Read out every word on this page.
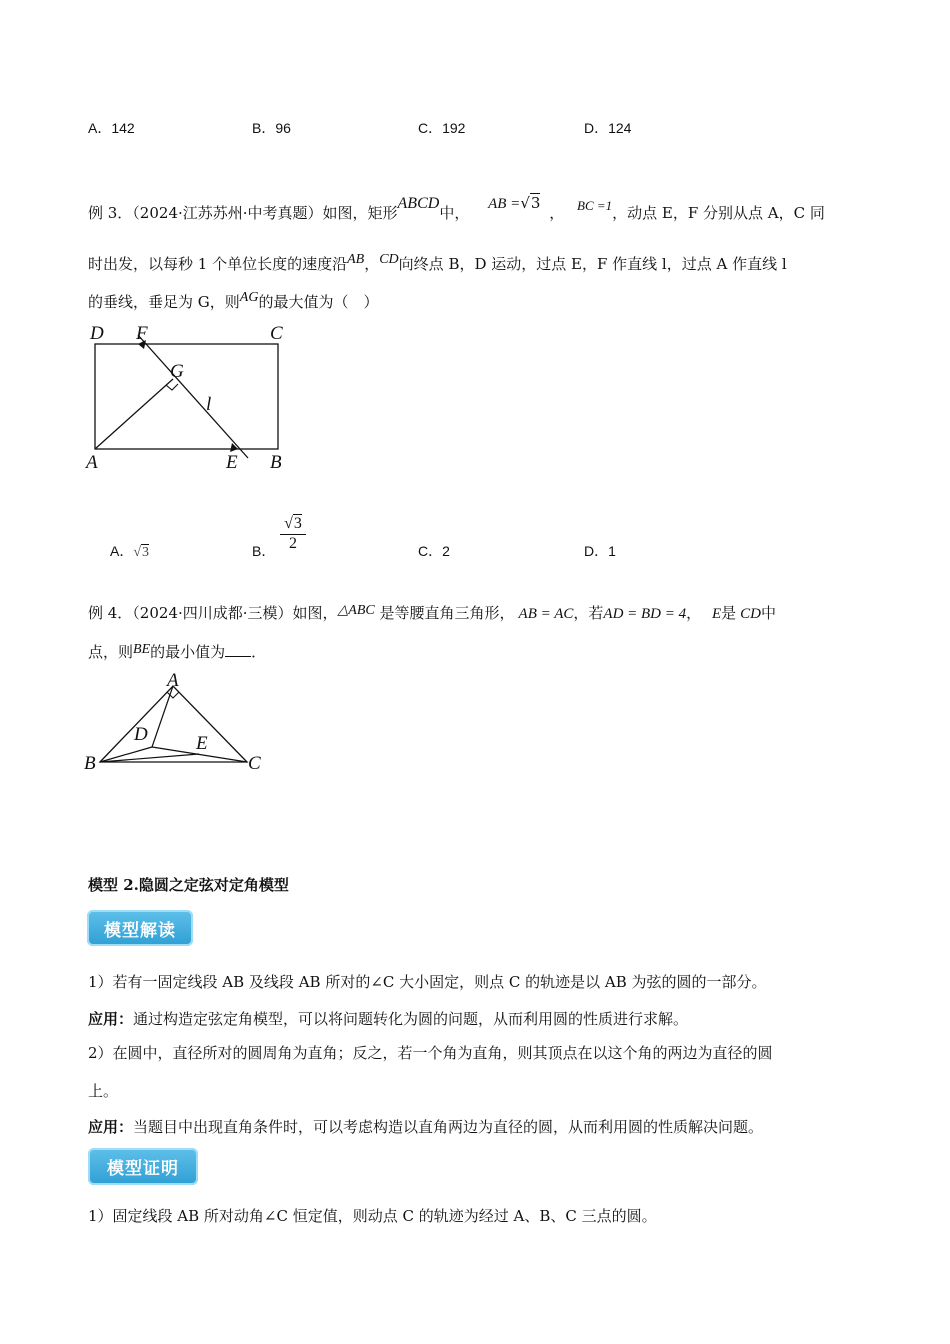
A．142	B．96	C．192	D．124
例 3．（2024·江苏苏州·中考真题）如图，矩形ABCD中， AB =√3 ， BC =1，动点 E，F 分别从点 A，C 同
时出发，以每秒 1 个单位长度的速度沿AB，CD向终点 B，D 运动，过点 E，F 作直线 l，过点 A 作直线 l
的垂线，垂足为 G，则AG的最大值为（　）
D F	C
G
l
A	E B
A．√3	B．
√3
2	C．2	D．1
例 4．（2024·四川成都·三模）如图，△ABC 是等腰直角三角形， AB = AC，若AD = BD = 4， E是 CD中
点，则BE的最小值为 ．
A
D	E
B	C
模型 2.隐圆之定弦对定角模型
模型解读
1）若有一固定线段 AB 及线段 AB 所对的∠C 大小固定，则点 C 的轨迹是以 AB 为弦的圆的一部分。
应用：通过构造定弦定角模型，可以将问题转化为圆的问题，从而利用圆的性质进行求解。
2）在圆中，直径所对的圆周角为直角；反之，若一个角为直角，则其顶点在以这个角的两边为直径的圆
上。
应用：当题目中出现直角条件时，可以考虑构造以直角两边为直径的圆，从而利用圆的性质解决问题。
模型证明
1）固定线段 AB 所对动角∠C 恒定值，则动点 C 的轨迹为经过 A、B、C 三点的圆。
